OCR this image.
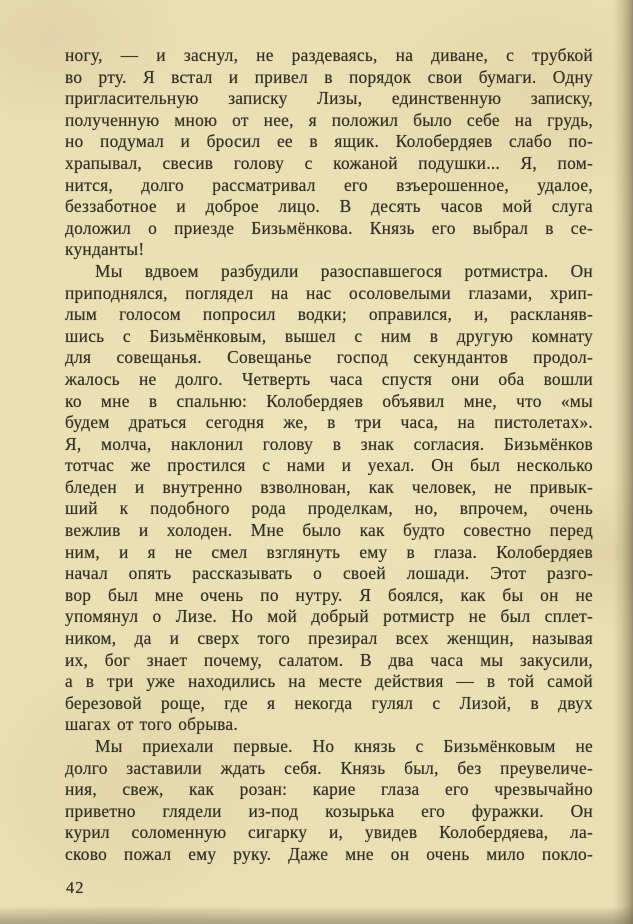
ногу, — и заснул, не раздеваясь, на диване, с трубкой
во рту. Я встал и привел в порядок свои бумаги. Одну
пригласительную записку Лизы, единственную записку,
полученную мною от нее, я положил было себе на грудь,
но подумал и бросил ее в ящик. Колобердяев слабо по-
храпывал, свесив голову с кожаной подушки... Я, пом-
нится, долго рассматривал его взъерошенное, удалое,
беззаботное и доброе лицо. В десять часов мой слуга
доложил о приезде Бизьмёнкова. Князь его выбрал в се-
кунданты!
Мы вдвоем разбудили разоспавшегося ротмистра. Он
приподнялся, поглядел на нас осоловелыми глазами, хрип-
лым голосом попросил водки; оправился, и, раскланяв-
шись с Бизьмёнковым, вышел с ним в другую комнату
для совещанья. Совещанье господ секундантов продол-
жалось не долго. Четверть часа спустя они оба вошли
ко мне в спальню: Колобердяев объявил мне, что «мы
будем драться сегодня же, в три часа, на пистолетах».
Я, молча, наклонил голову в знак согласия. Бизьмёнков
тотчас же простился с нами и уехал. Он был несколько
бледен и внутренно взволнован, как человек, не привык-
ший к подобного рода проделкам, но, впрочем, очень
вежлив и холоден. Мне было как будто совестно перед
ним, и я не смел взглянуть ему в глаза. Колобердяев
начал опять рассказывать о своей лошади. Этот разго-
вор был мне очень по нутру. Я боялся, как бы он не
упомянул о Лизе. Но мой добрый ротмистр не был сплет-
ником, да и сверх того презирал всех женщин, называя
их, бог знает почему, салатом. В два часа мы закусили,
а в три уже находились на месте действия — в той самой
березовой роще, где я некогда гулял с Лизой, в двух
шагах от того обрыва.
Мы приехали первые. Но князь с Бизьмёнковым не
долго заставили ждать себя. Князь был, без преувеличе-
ния, свеж, как розан: карие глаза его чрезвычайно
приветно глядели из-под козырька его фуражки. Он
курил соломенную сигарку и, увидев Колобердяева, ла-
сково пожал ему руку. Даже мне он очень мило покло-
42
